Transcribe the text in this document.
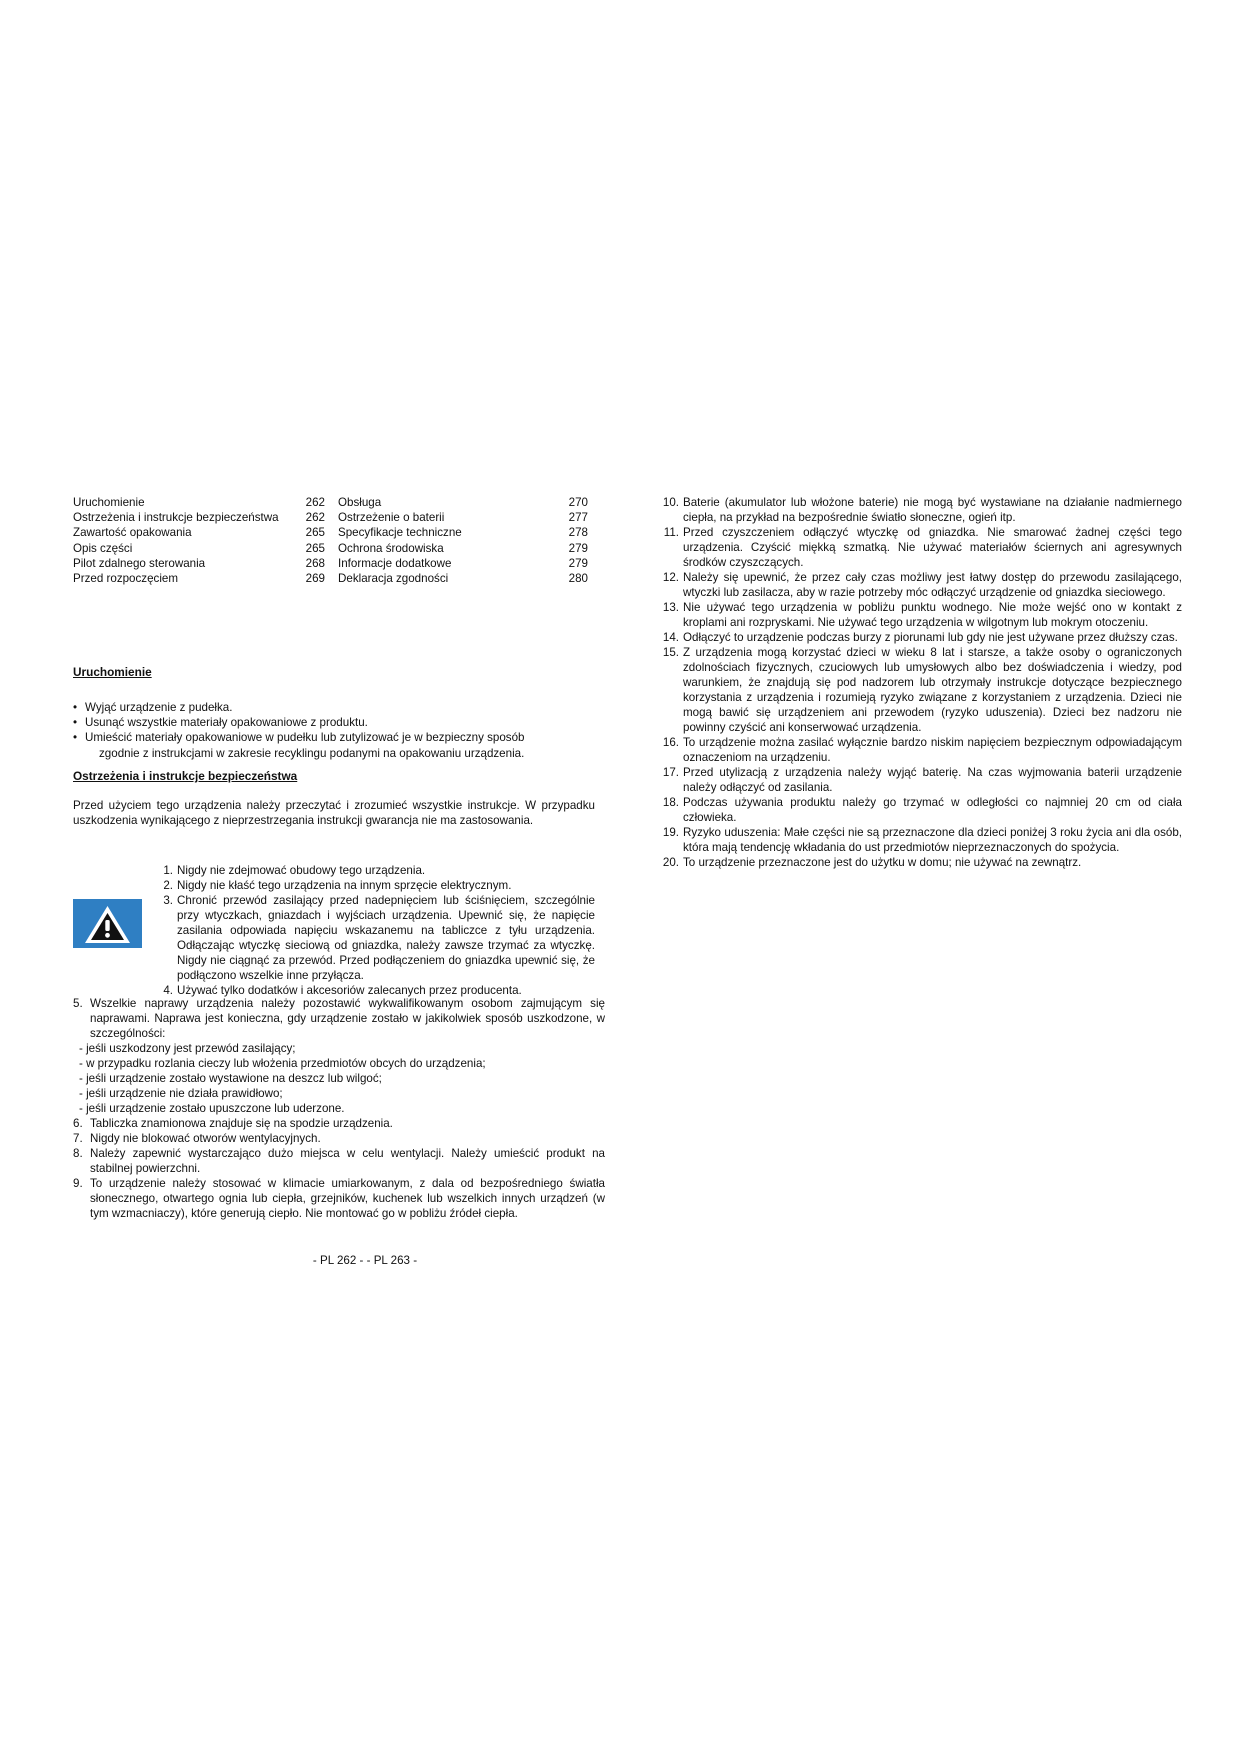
Uruchomienie	262
Ostrzeżenia i instrukcje bezpieczeństwa	262
Zawartość opakowania	265
Opis części	265
Pilot zdalnego sterowania	268
Przed rozpoczęciem	269
Obsługa	270
Ostrzeżenie o baterii	277
Specyfikacje techniczne	278
Ochrona środowiska	279
Informacje dodatkowe	279
Deklaracja zgodności	280
Uruchomienie
• Wyjąć urządzenie z pudełka.
• Usunąć wszystkie materiały opakowaniowe z produktu.
• Umieścić materiały opakowaniowe w pudełku lub zutylizować je w bezpieczny sposób
zgodnie z instrukcjami w zakresie recyklingu podanymi na opakowaniu urządzenia.
Ostrzeżenia i instrukcje bezpieczeństwa
Przed użyciem tego urządzenia należy przeczytać i zrozumieć wszystkie instrukcje. W przypadku uszkodzenia wynikającego z nieprzestrzegania instrukcji gwarancja nie ma zastosowania.
1. Nigdy nie zdejmować obudowy tego urządzenia.
2. Nigdy nie kłaść tego urządzenia na innym sprzęcie elektrycznym.
3. Chronić przewód zasilający przed nadepnięciem lub ściśnięciem, szczególnie przy wtyczkach, gniazdach i wyjściach urządzenia. Upewnić się, że napięcie zasilania odpowiada napięciu wskazanemu na tabliczce z tyłu urządzenia. Odłączając wtyczkę sieciową od gniazdka, należy zawsze trzymać za wtyczkę. Nigdy nie ciągnąć za przewód. Przed podłączeniem do gniazdka upewnić się, że podłączono wszelkie inne przyłącza.
4. Używać tylko dodatków i akcesoriów zalecanych przez producenta.
5. Wszelkie naprawy urządzenia należy pozostawić wykwalifikowanym osobom zajmującym się naprawami. Naprawa jest konieczna, gdy urządzenie zostało w jakikolwiek sposób uszkodzone, w szczególności:
- jeśli uszkodzony jest przewód zasilający;
- w przypadku rozlania cieczy lub włożenia przedmiotów obcych do urządzenia;
- jeśli urządzenie zostało wystawione na deszcz lub wilgoć;
- jeśli urządzenie nie działa prawidłowo;
- jeśli urządzenie zostało upuszczone lub uderzone.
6. Tabliczka znamionowa znajduje się na spodzie urządzenia.
7. Nigdy nie blokować otworów wentylacyjnych.
8. Należy zapewnić wystarczająco dużo miejsca w celu wentylacji. Należy umieścić produkt na stabilnej powierzchni.
9. To urządzenie należy stosować w klimacie umiarkowanym, z dala od bezpośredniego światła słonecznego, otwartego ognia lub ciepła, grzejników, kuchenek lub wszelkich innych urządzeń (w tym wzmacniaczy), które generują ciepło. Nie montować go w pobliżu źródeł ciepła.
10. Baterie (akumulator lub włożone baterie) nie mogą być wystawiane na działanie nadmiernego ciepła, na przykład na bezpośrednie światło słoneczne, ogień itp.
11. Przed czyszczeniem odłączyć wtyczkę od gniazdka. Nie smarować żadnej części tego urządzenia. Czyścić miękką szmatką. Nie używać materiałów ściernych ani agresywnych środków czyszczących.
12. Należy się upewnić, że przez cały czas możliwy jest łatwy dostęp do przewodu zasilającego, wtyczki lub zasilacza, aby w razie potrzeby móc odłączyć urządzenie od gniazdka sieciowego.
13. Nie używać tego urządzenia w pobliżu punktu wodnego. Nie może wejść ono w kontakt z kroplami ani rozpryskami. Nie używać tego urządzenia w wilgotnym lub mokrym otoczeniu.
14. Odłączyć to urządzenie podczas burzy z piorunami lub gdy nie jest używane przez dłuższy czas.
15. Z urządzenia mogą korzystać dzieci w wieku 8 lat i starsze, a także osoby o ograniczonych zdolnościach fizycznych, czuciowych lub umysłowych albo bez doświadczenia i wiedzy, pod warunkiem, że znajdują się pod nadzorem lub otrzymały instrukcje dotyczące bezpiecznego korzystania z urządzenia i rozumieją ryzyko związane z korzystaniem z urządzenia. Dzieci nie mogą bawić się urządzeniem ani przewodem (ryzyko uduszenia). Dzieci bez nadzoru nie powinny czyścić ani konserwować urządzenia.
16. To urządzenie można zasilać wyłącznie bardzo niskim napięciem bezpiecznym odpowiadającym oznaczeniom na urządzeniu.
17. Przed utylizacją z urządzenia należy wyjąć baterię. Na czas wyjmowania baterii urządzenie należy odłączyć od zasilania.
18. Podczas używania produktu należy go trzymać w odległości co najmniej 20 cm od ciała człowieka.
19. Ryzyko uduszenia: Małe części nie są przeznaczone dla dzieci poniżej 3 roku życia ani dla osób, która mają tendencję wkładania do ust przedmiotów nieprzeznaczonych do spożycia.
20. To urządzenie przeznaczone jest do użytku w domu; nie używać na zewnątrz.
- PL 262 - - PL 263 -
